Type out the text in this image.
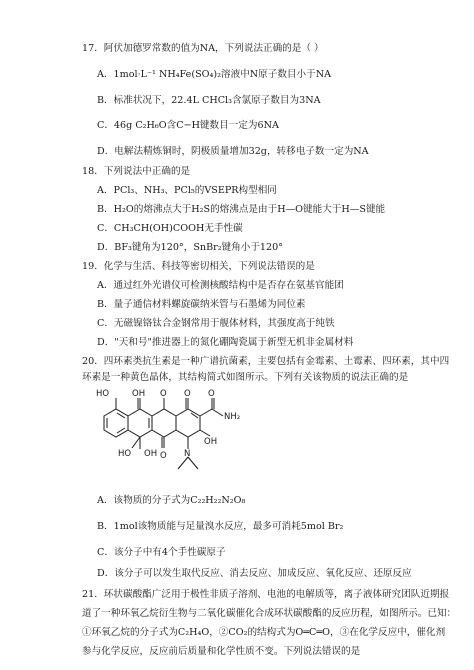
17．阿伏加德罗常数的值为NA，下列说法正确的是（ ）
A．1mol·L⁻¹ NH₄Fe(SO₄)₂溶液中N原子数目小于NA
B．标准状况下，22.4L CHCl₃含氯原子数目为3NA
C．46g C₂H₆O含C−H键数目一定为6NA
D．电解法精炼铜时，阴极质量增加32g，转移电子数一定为NA
18．下列说法中正确的是
A．PCl₃、NH₃、PCl₅的VSEPR构型相同
B．H₂O的熔沸点大于H₂S的熔沸点是由于H—O键能大于H—S键能
C．CH₃CH(OH)COOH无手性碳
D．BF₃键角为120°，SnBr₂键角小于120°
19．化学与生活、科技等密切相关，下列说法错误的是
A．通过红外光谱仪可检测核酸结构中是否存在氨基官能团
B．量子通信材料螺旋碳纳米管与石墨烯为同位素
C．无磁镍铬钛合金钢常用于舰体材料，其强度高于纯铁
D．"天和号"推进器上的氮化硼陶瓷属于新型无机非金属材料
20．四环素类抗生素是一种广谱抗菌素，主要包括有金霉素、土霉素、四环素，其中四
环素是一种黄色晶体，其结构简式如图所示。下列有关该物质的说法正确的是
HO	OH O O O
NH₂
OH
OH
HO	O N
A．该物质的分子式为C₂₂H₂₂N₂O₈
B．1mol该物质能与足量溴水反应，最多可消耗5mol Br₂
C．该分子中有4个手性碳原子
D．该分子可以发生取代反应、消去反应、加成反应、氧化反应、还原反应
21．环状碳酸酯广泛用于极性非质子溶剂、电池的电解质等，离子液体研究团队近期报
道了一种环氧乙烷衍生物与二氧化碳催化合成环状碳酸酯的反应历程，如图所示。已知：
①环氧乙烷的分子式为C₂H₄O，②CO₂的结构式为O═C═O，③在化学反应中，催化剂
参与化学反应，反应前后质量和化学性质不变。下列说法错误的是
